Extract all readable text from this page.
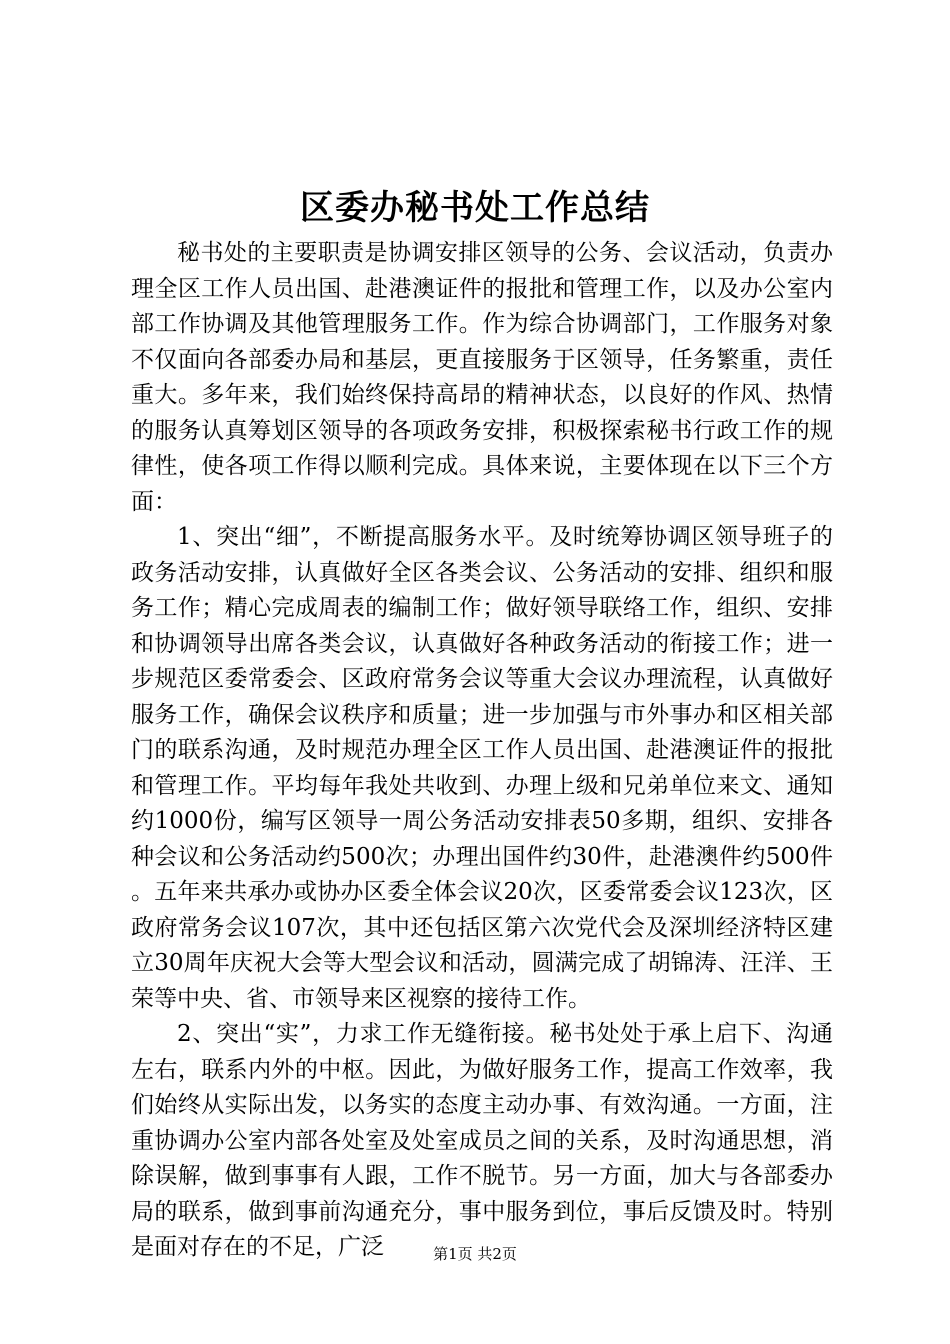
区委办秘书处工作总结

秘书处的主要职责是协调安排区领导的公务、会议活动，负责办理全区工作人员出国、赴港澳证件的报批和管理工作，以及办公室内部工作协调及其他管理服务工作。作为综合协调部门，工作服务对象不仅面向各部委办局和基层，更直接服务于区领导，任务繁重，责任重大。多年来，我们始终保持高昂的精神状态，以良好的作风、热情的服务认真筹划区领导的各项政务安排，积极探索秘书行政工作的规律性，使各项工作得以顺利完成。具体来说，主要体现在以下三个方面：

1、突出“细”，不断提高服务水平。及时统筹协调区领导班子的政务活动安排，认真做好全区各类会议、公务活动的安排、组织和服务工作；精心完成周表的编制工作；做好领导联络工作，组织、安排和协调领导出席各类会议，认真做好各种政务活动的衔接工作；进一步规范区委常委会、区政府常务会议等重大会议办理流程，认真做好服务工作，确保会议秩序和质量；进一步加强与市外事办和区相关部门的联系沟通，及时规范办理全区工作人员出国、赴港澳证件的报批和管理工作。平均每年我处共收到、办理上级和兄弟单位来文、通知约1000份，编写区领导一周公务活动安排表50多期，组织、安排各种会议和公务活动约500次；办理出国件约30件，赴港澳件约500件。五年来共承办或协办区委全体会议20次，区委常委会议123次，区政府常务会议107次，其中还包括区第六次党代会及深圳经济特区建立30周年庆祝大会等大型会议和活动，圆满完成了胡锦涛、汪洋、王荣等中央、省、市领导来区视察的接待工作。

2、突出“实”，力求工作无缝衔接。秘书处处于承上启下、沟通左右，联系内外的中枢。因此，为做好服务工作，提高工作效率，我们始终从实际出发，以务实的态度主动办事、有效沟通。一方面，注重协调办公室内部各处室及处室成员之间的关系，及时沟通思想，消除误解，做到事事有人跟，工作不脱节。另一方面，加大与各部委办局的联系，做到事前沟通充分，事中服务到位，事后反馈及时。特别是面对存在的不足，广泛	第1页 共2页
